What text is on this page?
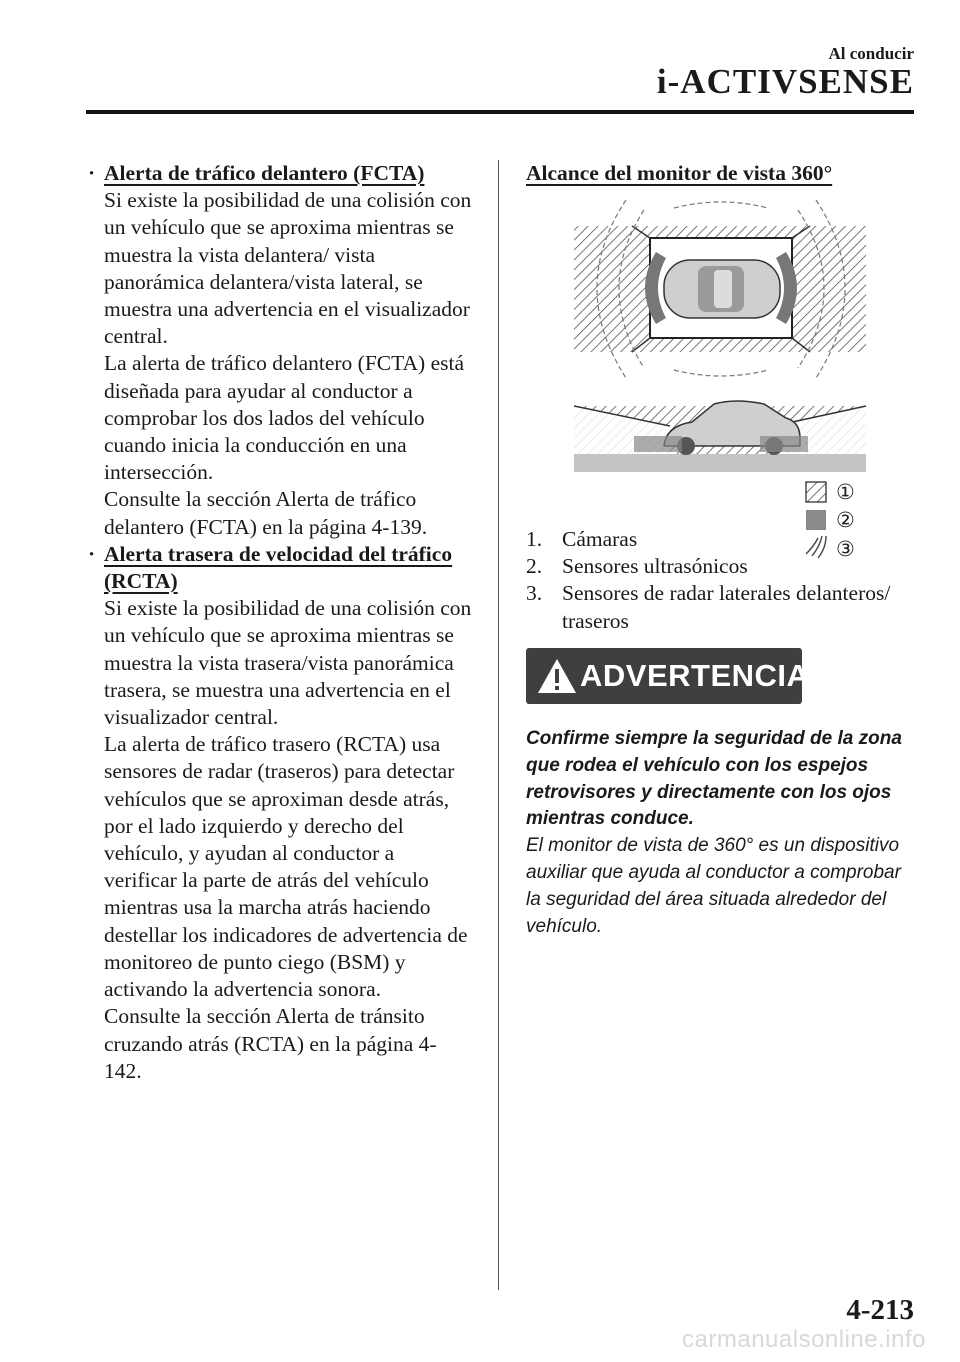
Al conducir
i-ACTIVSENSE
· Alerta de tráfico delantero (FCTA)
Si existe la posibilidad de una colisión con un vehículo que se aproxima mientras se muestra la vista delantera/ vista panorámica delantera/vista lateral, se muestra una advertencia en el visualizador central.
La alerta de tráfico delantero (FCTA) está diseñada para ayudar al conductor a comprobar los dos lados del vehículo cuando inicia la conducción en una intersección.
Consulte la sección Alerta de tráfico delantero (FCTA) en la página 4-139.
· Alerta trasera de velocidad del tráfico (RCTA)
Si existe la posibilidad de una colisión con un vehículo que se aproxima mientras se muestra la vista trasera/vista panorámica trasera, se muestra una advertencia en el visualizador central.
La alerta de tráfico trasero (RCTA) usa sensores de radar (traseros) para detectar vehículos que se aproximan desde atrás, por el lado izquierdo y derecho del vehículo, y ayudan al conductor a verificar la parte de atrás del vehículo mientras usa la marcha atrás haciendo destellar los indicadores de advertencia de monitoreo de punto ciego (BSM) y activando la advertencia sonora.
Consulte la sección Alerta de tránsito cruzando atrás (RCTA) en la página 4-142.
Alcance del monitor de vista 360°
①
②
③
1. Cámaras
2. Sensores ultrasónicos
3. Sensores de radar laterales delanteros/ traseros
ADVERTENCIA
Confirme siempre la seguridad de la zona que rodea el vehículo con los espejos retrovisores y directamente con los ojos mientras conduce.
El monitor de vista de 360° es un dispositivo auxiliar que ayuda al conductor a comprobar la seguridad del área situada alrededor del vehículo.
4-213
carmanualsonline.info
